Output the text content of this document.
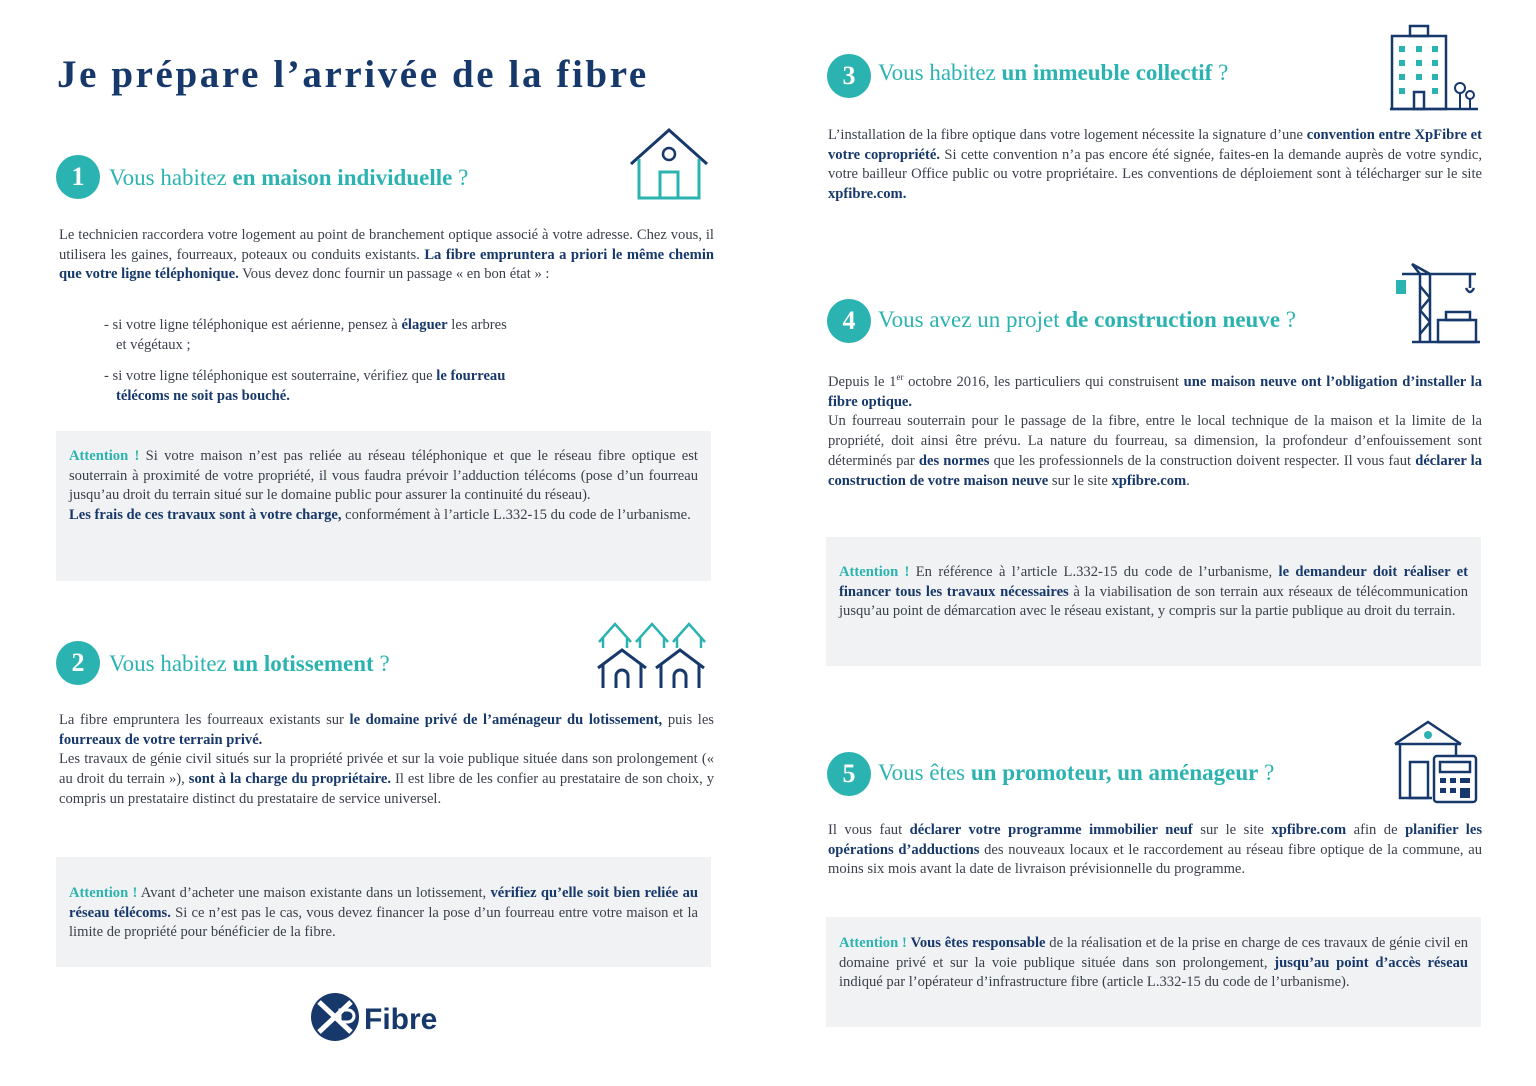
Je prépare l’arrivée de la fibre
1	Vous habitez en maison individuelle ?
Le technicien raccordera votre logement au point de branchement optique associé à votre adresse. Chez vous, il utilisera les gaines, fourreaux, poteaux ou conduits existants. La fibre empruntera a priori le même chemin que votre ligne téléphonique. Vous devez donc fournir un passage « en bon état » :
- si votre ligne téléphonique est aérienne, pensez à élaguer les arbres
et végétaux ;
- si votre ligne téléphonique est souterraine, vérifiez que le fourreau
télécoms ne soit pas bouché.
Attention ! Si votre maison n’est pas reliée au réseau téléphonique et que le réseau fibre optique est souterrain à proximité de votre propriété, il vous faudra prévoir l’adduction télécoms (pose d’un fourreau jusqu’au droit du terrain situé sur le domaine public pour assurer la continuité du réseau).
Les frais de ces travaux sont à votre charge, conformément à l’article L.332-15 du code de l’urbanisme.
2	Vous habitez un lotissement ?
La fibre empruntera les fourreaux existants sur le domaine privé de l’aménageur du lotissement, puis les fourreaux de votre terrain privé.
Les travaux de génie civil situés sur la propriété privée et sur la voie publique située dans son prolongement (« au droit du terrain »), sont à la charge du propriétaire. Il est libre de les confier au prestataire de son choix, y compris un prestataire distinct du prestataire de service universel.
Attention ! Avant d’acheter une maison existante dans un lotissement, vérifiez qu’elle soit bien reliée au réseau télécoms. Si ce n’est pas le cas, vous devez financer la pose d’un fourreau entre votre maison et la limite de propriété pour bénéficier de la fibre.
Fibre
3 Vous habitez un immeuble collectif ?
L’installation de la fibre optique dans votre logement nécessite la signature d’une convention entre XpFibre et votre copropriété. Si cette convention n’a pas encore été signée, faites-en la demande auprès de votre syndic, votre bailleur Office public ou votre propriétaire. Les conventions de déploiement sont à télécharger sur le site xpfibre.com.
4 Vous avez un projet de construction neuve ?
Depuis le 1er octobre 2016, les particuliers qui construisent une maison neuve ont l’obligation d’installer la fibre optique.
Un fourreau souterrain pour le passage de la fibre, entre le local technique de la maison et la limite de la propriété, doit ainsi être prévu. La nature du fourreau, sa dimension, la profondeur d’enfouissement sont déterminés par des normes que les professionnels de la construction doivent respecter. Il vous faut déclarer la construction de votre maison neuve sur le site xpfibre.com.
Attention ! En référence à l’article L.332-15 du code de l’urbanisme, le demandeur doit réaliser et financer tous les travaux nécessaires à la viabilisation de son terrain aux réseaux de télécommunication jusqu’au point de démarcation avec le réseau existant, y compris sur la partie publique au droit du terrain.
5 Vous êtes un promoteur, un aménageur ?
Il vous faut déclarer votre programme immobilier neuf sur le site xpfibre.com afin de planifier les opérations d’adductions des nouveaux locaux et le raccordement au réseau fibre optique de la commune, au moins six mois avant la date de livraison prévisionnelle du programme.
Attention ! Vous êtes responsable de la réalisation et de la prise en charge de ces travaux de génie civil en domaine privé et sur la voie publique située dans son prolongement, jusqu’au point d’accès réseau indiqué par l’opérateur d’infrastructure fibre (article L.332-15 du code de l’urbanisme).
